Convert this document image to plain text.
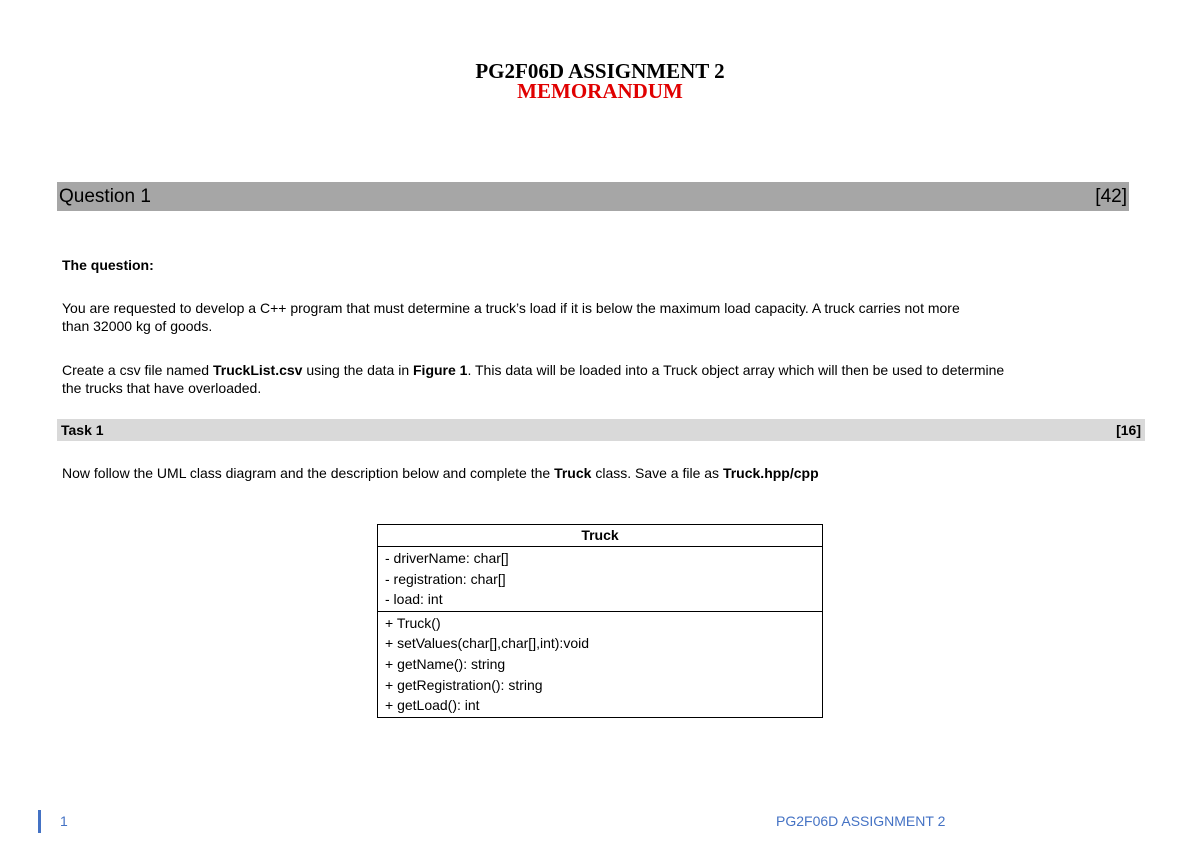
PG2F06D ASSIGNMENT 2
MEMORANDUM
Question 1	[42]
The question:
You are requested to develop a C++ program that must determine a truck’s load if it is below the maximum load capacity. A truck carries not more
than 32000 kg of goods.
Create a csv file named TruckList.csv using the data in Figure 1. This data will be loaded into a Truck object array which will then be used to determine
the trucks that have overloaded.
Task 1	[16]
Now follow the UML class diagram and the description below and complete the Truck class. Save a file as Truck.hpp/cpp
Truck
- driverName: char[]
- registration: char[]
- load: int
+ Truck()
+ setValues(char[],char[],int):void
+ getName(): string
+ getRegistration(): string
+ getLoad(): int
1	PG2F06D ASSIGNMENT 2
